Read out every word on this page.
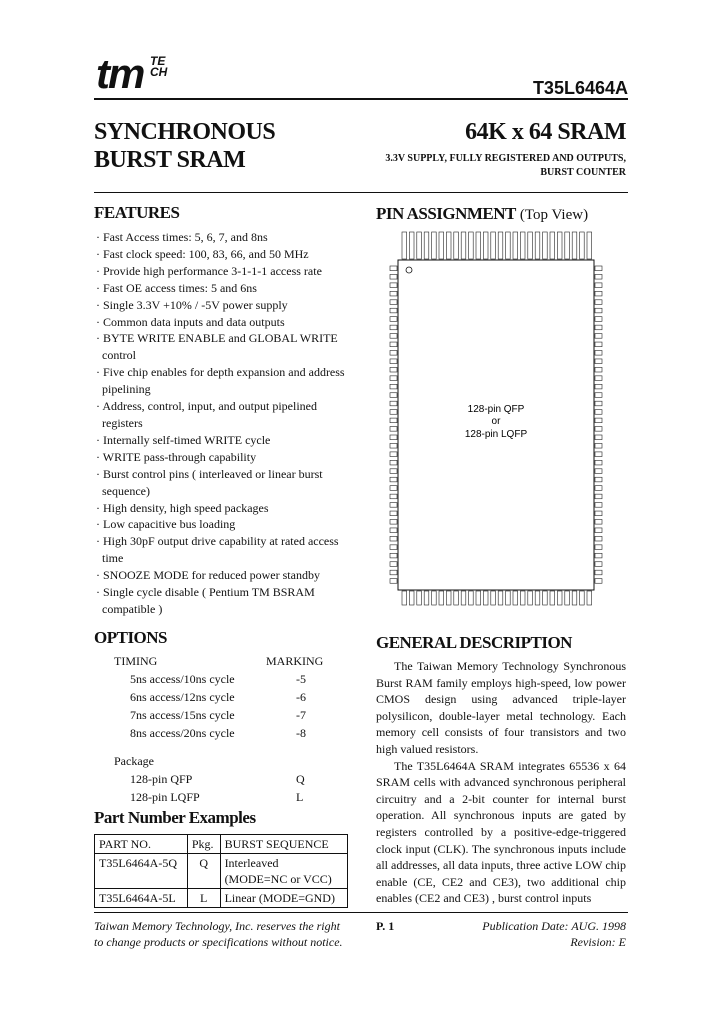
tm TE
CH
T35L6464A
SYNCHRONOUS
BURST SRAM
64K x 64 SRAM
3.3V SUPPLY, FULLY REGISTERED AND OUTPUTS,
BURST COUNTER
FEATURES
· Fast Access times: 5, 6, 7, and 8ns
· Fast clock speed: 100, 83, 66, and 50 MHz
· Provide high performance 3-1-1-1 access rate
· Fast OE access times: 5 and 6ns
· Single 3.3V +10% / -5V power supply
· Common data inputs and data outputs
· BYTE WRITE ENABLE and GLOBAL WRITE control
· Five chip enables for depth expansion and address pipelining
· Address, control, input, and output pipelined registers
· Internally self-timed WRITE cycle
· WRITE pass-through capability
· Burst control pins ( interleaved or linear burst sequence)
· High density, high speed packages
· Low capacitive bus loading
· High 30pF output drive capability at rated access time
· SNOOZE MODE for reduced power standby
· Single cycle disable ( Pentium TM BSRAM compatible )
OPTIONS
TIMING	MARKING
5ns access/10ns cycle	-5
6ns access/12ns cycle	-6
7ns access/15ns cycle	-7
8ns access/20ns cycle	-8
Package
128-pin QFP	Q
128-pin LQFP	L
Part Number Examples
PART NO.	Pkg.	BURST SEQUENCE
T35L6464A-5Q	Q	Interleaved
(MODE=NC or VCC)

T35L6464A-5L	L	Linear (MODE=GND)
PIN ASSIGNMENT (Top View)
128-pin QFP
or
128-pin LQFP
GENERAL DESCRIPTION

The Taiwan Memory Technology Synchronous Burst RAM family employs high-speed, low power CMOS design using advanced triple-layer polysilicon, double-layer metal technology. Each memory cell consists of four transistors and two high valued resistors.

The T35L6464A SRAM integrates 65536 x 64 SRAM cells with advanced synchronous peripheral circuitry and a 2-bit counter for internal burst operation. All synchronous inputs are gated by registers controlled by a positive-edge-triggered clock input (CLK). The synchronous inputs include all addresses, all data inputs, three active LOW chip enable (CE, CE2 and CE3), two additional chip enables (CE2 and CE3) , burst control inputs

Taiwan Memory Technology, Inc. reserves the right
to change products or specifications without notice.
P. 1	Publication Date: AUG. 1998
Revision: E
